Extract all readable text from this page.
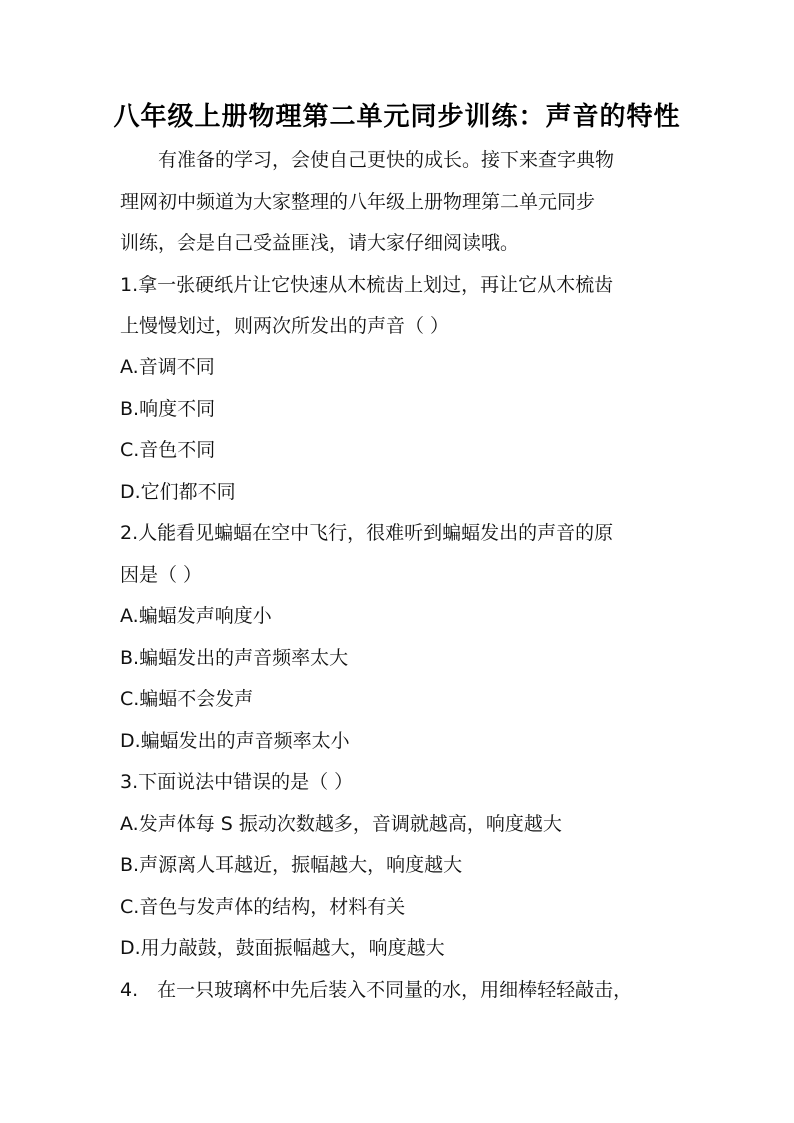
八年级上册物理第二单元同步训练：声音的特性
　　有准备的学习，会使自己更快的成长。接下来查字典物
理网初中频道为大家整理的八年级上册物理第二单元同步
训练，会是自己受益匪浅，请大家仔细阅读哦。
1.拿一张硬纸片让它快速从木梳齿上划过，再让它从木梳齿
上慢慢划过，则两次所发出的声音（ ）
A.音调不同
B.响度不同
C.音色不同
D.它们都不同
2.人能看见蝙蝠在空中飞行，很难听到蝙蝠发出的声音的原
因是（ ）
A.蝙蝠发声响度小
B.蝙蝠发出的声音频率太大
C.蝙蝠不会发声
D.蝙蝠发出的声音频率太小
3.下面说法中错误的是（ ）
A.发声体每 S 振动次数越多，音调就越高，响度越大
B.声源离人耳越近，振幅越大，响度越大
C.音色与发声体的结构，材料有关
D.用力敲鼓，鼓面振幅越大，响度越大
4.　在一只玻璃杯中先后装入不同量的水，用细棒轻轻敲击，
